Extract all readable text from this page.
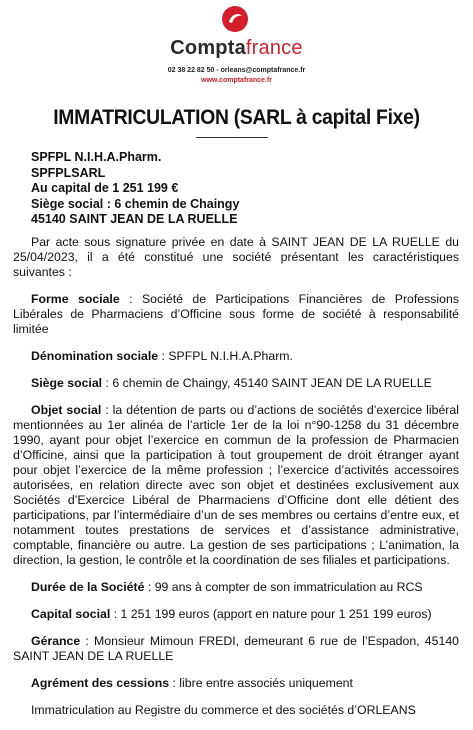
Comptafrance
02 38 22 82 50 - orleans@comptafrance.fr
www.comptafrance.fr
IMMATRICULATION (SARL à capital Fixe)
SPFPL N.I.H.A.Pharm.
SPFPLSARL
Au capital de 1 251 199 €
Siège social : 6 chemin de Chaingy
45140 SAINT JEAN DE LA RUELLE

Par acte sous signature privée en date à SAINT JEAN DE LA RUELLE du 25/04/2023, il a été constitué une société présentant les caractéristiques suivantes :

Forme sociale : Société de Participations Financières de Professions Libérales de Pharmaciens d’Officine sous forme de société à responsabilité limitée

Dénomination sociale : SPFPL N.I.H.A.Pharm.

Siège social : 6 chemin de Chaingy, 45140 SAINT JEAN DE LA RUELLE

Objet social : la détention de parts ou d’actions de sociétés d’exercice libéral mentionnées au 1er alinéa de l’article 1er de la loi n°90-1258 du 31 décembre 1990, ayant pour objet l’exercice en commun de la profession de Pharmacien d’Officine, ainsi que la participation à tout groupement de droit étranger ayant pour objet l’exercice de la même profession ; l’exercice d’activités accessoires autorisées, en relation directe avec son objet et destinées exclusivement aux Sociétés d’Exercice Libéral de Pharmaciens d’Officine dont elle détient des participations, par l’intermédiaire d’un de ses membres ou certains d’entre eux, et notamment toutes prestations de services et d’assistance administrative, comptable, financière ou autre. La gestion de ses participations ; L’animation, la direction, la gestion, le contrôle et la coordination de ses filiales et participations.

Durée de la Société : 99 ans à compter de son immatriculation au RCS

Capital social : 1 251 199 euros (apport en nature pour 1 251 199 euros)

Gérance : Monsieur Mimoun FREDI, demeurant 6 rue de l’Espadon, 45140 SAINT JEAN DE LA RUELLE

Agrément des cessions : libre entre associés uniquement

Immatriculation au Registre du commerce et des sociétés d’ORLEANS
